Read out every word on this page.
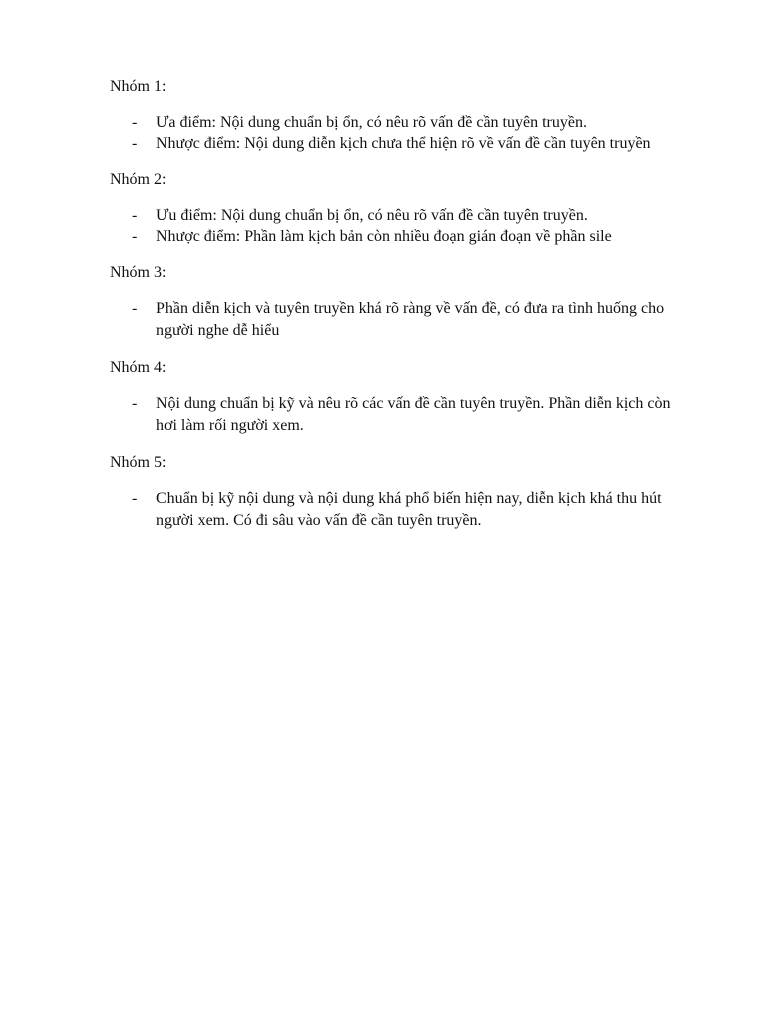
Nhóm 1:

- Ưa điểm: Nội dung chuẩn bị ổn, có nêu rõ vấn đề cần tuyên truyền.
- Nhược điểm: Nội dung diễn kịch chưa thể hiện rõ về vấn đề cần tuyên truyền

Nhóm 2:

- Ưu điểm: Nội dung chuẩn bị ổn, có nêu rõ vấn đề cần tuyên truyền.
- Nhược điểm: Phần làm kịch bản còn nhiều đoạn gián đoạn về phần sile

Nhóm 3:

- Phần diễn kịch và tuyên truyền khá rõ ràng về vấn đề, có đưa ra tình huống cho người nghe dễ hiểu

Nhóm 4:

- Nội dung chuẩn bị kỹ và nêu rõ các vấn đề cần tuyên truyền. Phần diễn kịch còn hơi làm rối người xem.

Nhóm 5:

- Chuẩn bị kỹ nội dung và nội dung khá phổ biến hiện nay, diễn kịch khá thu hút người xem. Có đi sâu vào vấn đề cần tuyên truyền.
